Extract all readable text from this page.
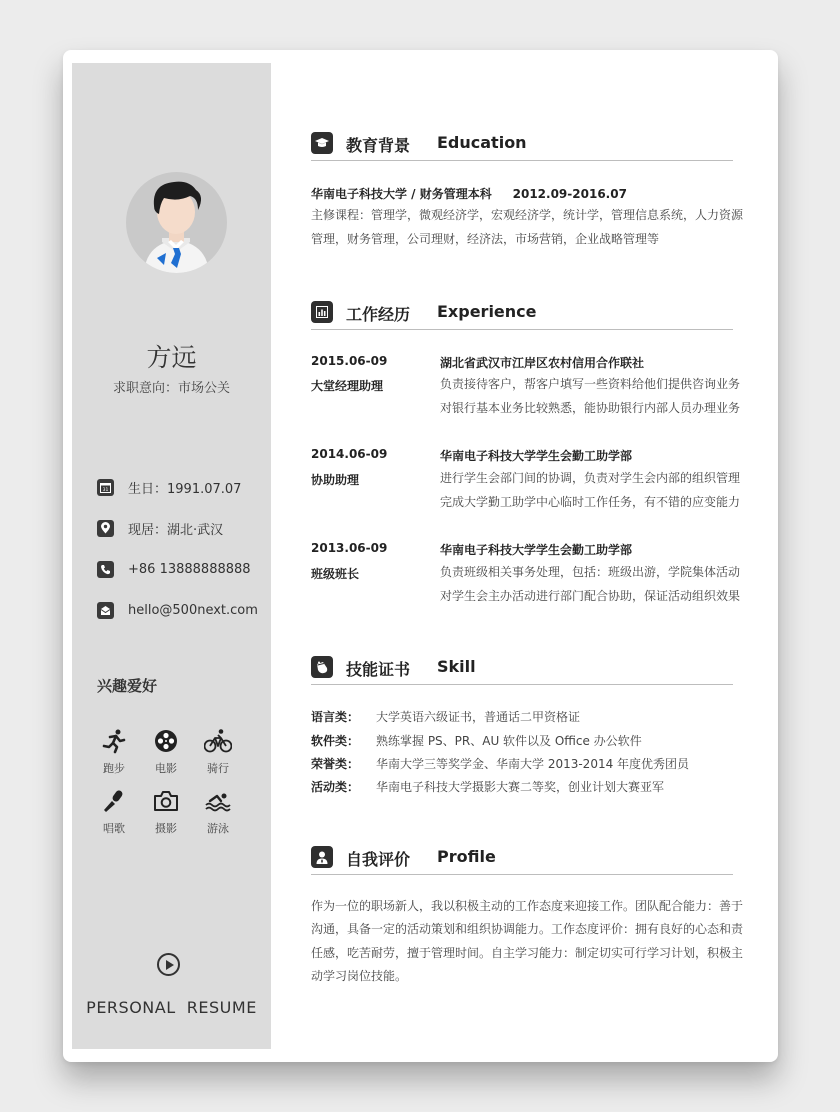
方远
求职意向：市场公关
31 生日：1991.07.07
现居：湖北·武汉
+86 13888888888
hello@500next.com
兴趣爱好
跑步	电影	骑行
唱歌	摄影	游泳
PERSONAL  RESUME
教育背景 Education
华南电子科技大学 / 财务管理本科     2012.09-2016.07
主修课程：管理学，微观经济学，宏观经济学，统计学，管理信息系统，人力资源
管理，财务管理，公司理财，经济法，市场营销，企业战略管理等
工作经历 Experience
2015.06-09
大堂经理助理
湖北省武汉市江岸区农村信用合作联社
负责接待客户，帮客户填写一些资料给他们提供咨询业务
对银行基本业务比较熟悉，能协助银行内部人员办理业务
2014.06-09
协助助理
华南电子科技大学学生会勤工助学部
进行学生会部门间的协调，负责对学生会内部的组织管理
完成大学勤工助学中心临时工作任务，有不错的应变能力
2013.06-09
班级班长
华南电子科技大学学生会勤工助学部
负责班级相关事务处理，包括：班级出游，学院集体活动
对学生会主办活动进行部门配合协助，保证活动组织效果
技能证书 Skill
语言类： 大学英语六级证书，普通话二甲资格证
软件类： 熟练掌握 PS、PR、AU 软件以及 Office 办公软件
荣誉类： 华南大学三等奖学金、华南大学 2013-2014 年度优秀团员
活动类： 华南电子科技大学摄影大赛二等奖，创业计划大赛亚军
自我评价 Profile
作为一位的职场新人，我以积极主动的工作态度来迎接工作。团队配合能力：善于
沟通，具备一定的活动策划和组织协调能力。工作态度评价：拥有良好的心态和责
任感，吃苦耐劳，擅于管理时间。自主学习能力：制定切实可行学习计划，积极主
动学习岗位技能。
